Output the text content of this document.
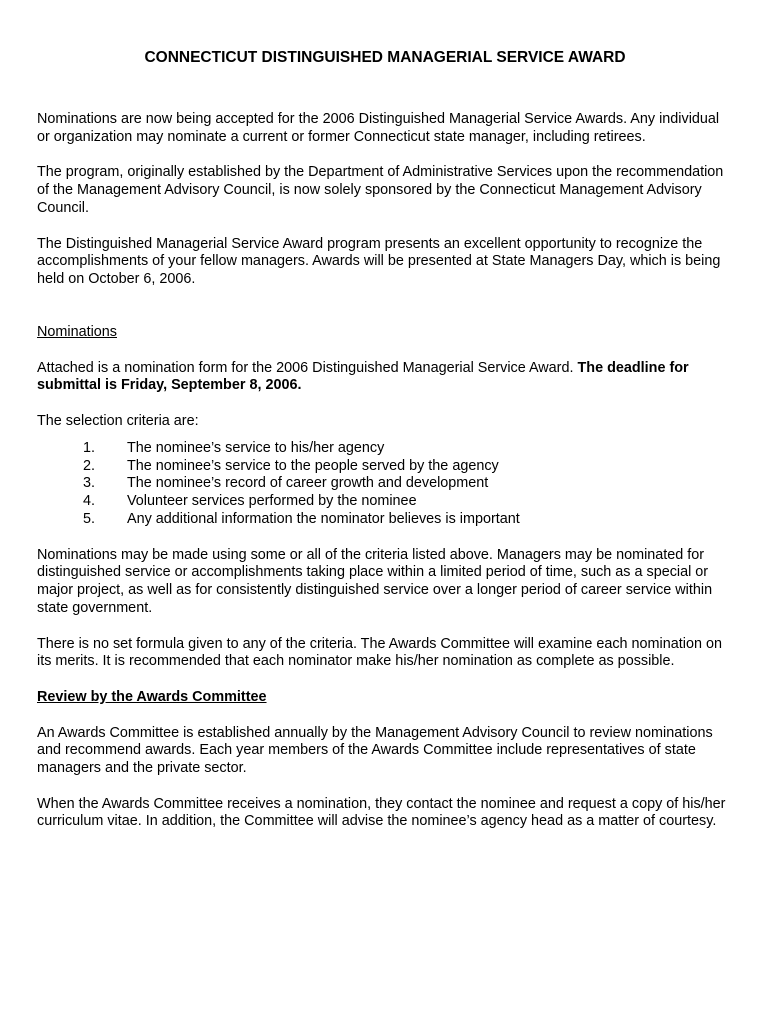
CONNECTICUT DISTINGUISHED MANAGERIAL SERVICE AWARD

Nominations are now being accepted for the 2006 Distinguished Managerial Service Awards. Any individual or organization may nominate a current or former Connecticut state manager, including retirees.

The program, originally established by the Department of Administrative Services upon the recommendation of the Management Advisory Council, is now solely sponsored by the Connecticut Management Advisory Council.

The Distinguished Managerial Service Award program presents an excellent opportunity to recognize the accomplishments of your fellow managers. Awards will be presented at State Managers Day, which is being held on October 6, 2006.

Nominations

Attached is a nomination form for the 2006 Distinguished Managerial Service Award. The deadline for submittal is Friday, September 8, 2006.

The selection criteria are:

1.	The nominee’s service to his/her agency
2.	The nominee’s service to the people served by the agency
3.	The nominee’s record of career growth and development
4.	Volunteer services performed by the nominee
5.	Any additional information the nominator believes is important

Nominations may be made using some or all of the criteria listed above. Managers may be nominated for distinguished service or accomplishments taking place within a limited period of time, such as a special or major project, as well as for consistently distinguished service over a longer period of career service within state government.

There is no set formula given to any of the criteria. The Awards Committee will examine each nomination on its merits. It is recommended that each nominator make his/her nomination as complete as possible.

Review by the Awards Committee

An Awards Committee is established annually by the Management Advisory Council to review nominations and recommend awards. Each year members of the Awards Committee include representatives of state managers and the private sector.

When the Awards Committee receives a nomination, they contact the nominee and request a copy of his/her curriculum vitae. In addition, the Committee will advise the nominee’s agency head as a matter of courtesy.
